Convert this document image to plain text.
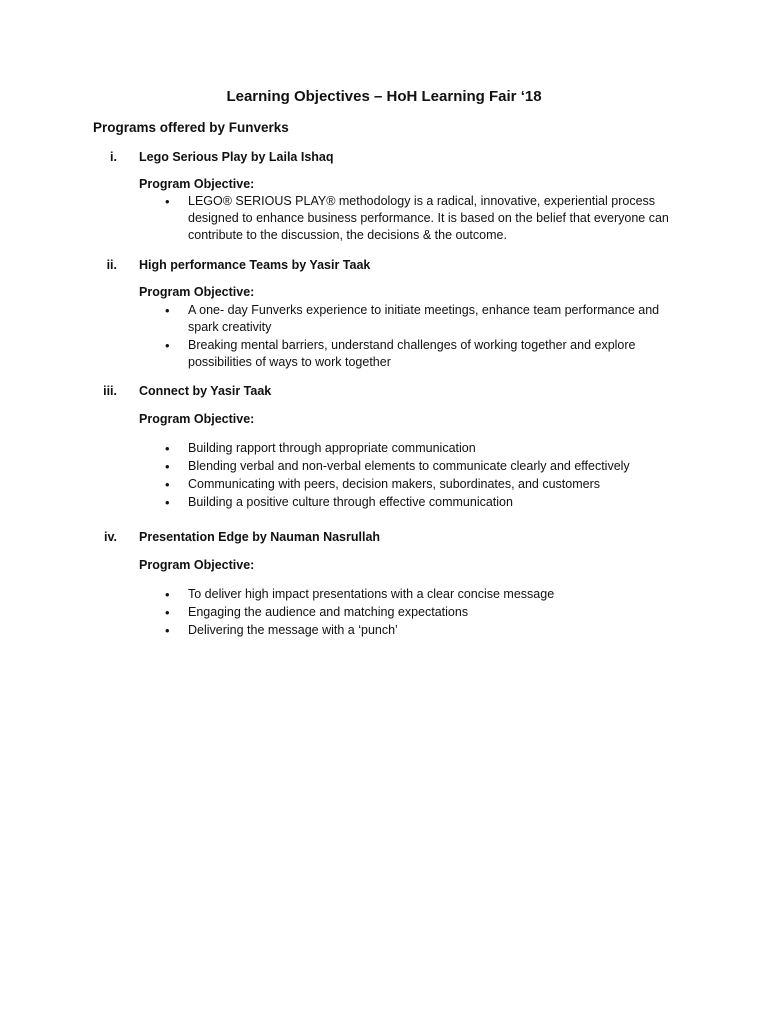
Learning Objectives – HoH Learning Fair ‘18
Programs offered by Funverks
i. Lego Serious Play by Laila Ishaq
Program Objective:
• LEGO® SERIOUS PLAY® methodology is a radical, innovative, experiential process designed to enhance business performance. It is based on the belief that everyone can contribute to the discussion, the decisions & the outcome.
ii. High performance Teams by Yasir Taak
Program Objective:
• A one- day Funverks experience to initiate meetings, enhance team performance and spark creativity
• Breaking mental barriers, understand challenges of working together and explore possibilities of ways to work together
iii. Connect by Yasir Taak
Program Objective:
• Building rapport through appropriate communication
• Blending verbal and non-verbal elements to communicate clearly and effectively
• Communicating with peers, decision makers, subordinates, and customers
• Building a positive culture through effective communication
iv. Presentation Edge by Nauman Nasrullah
Program Objective:
• To deliver high impact presentations with a clear concise message
• Engaging the audience and matching expectations
• Delivering the message with a ‘punch’
